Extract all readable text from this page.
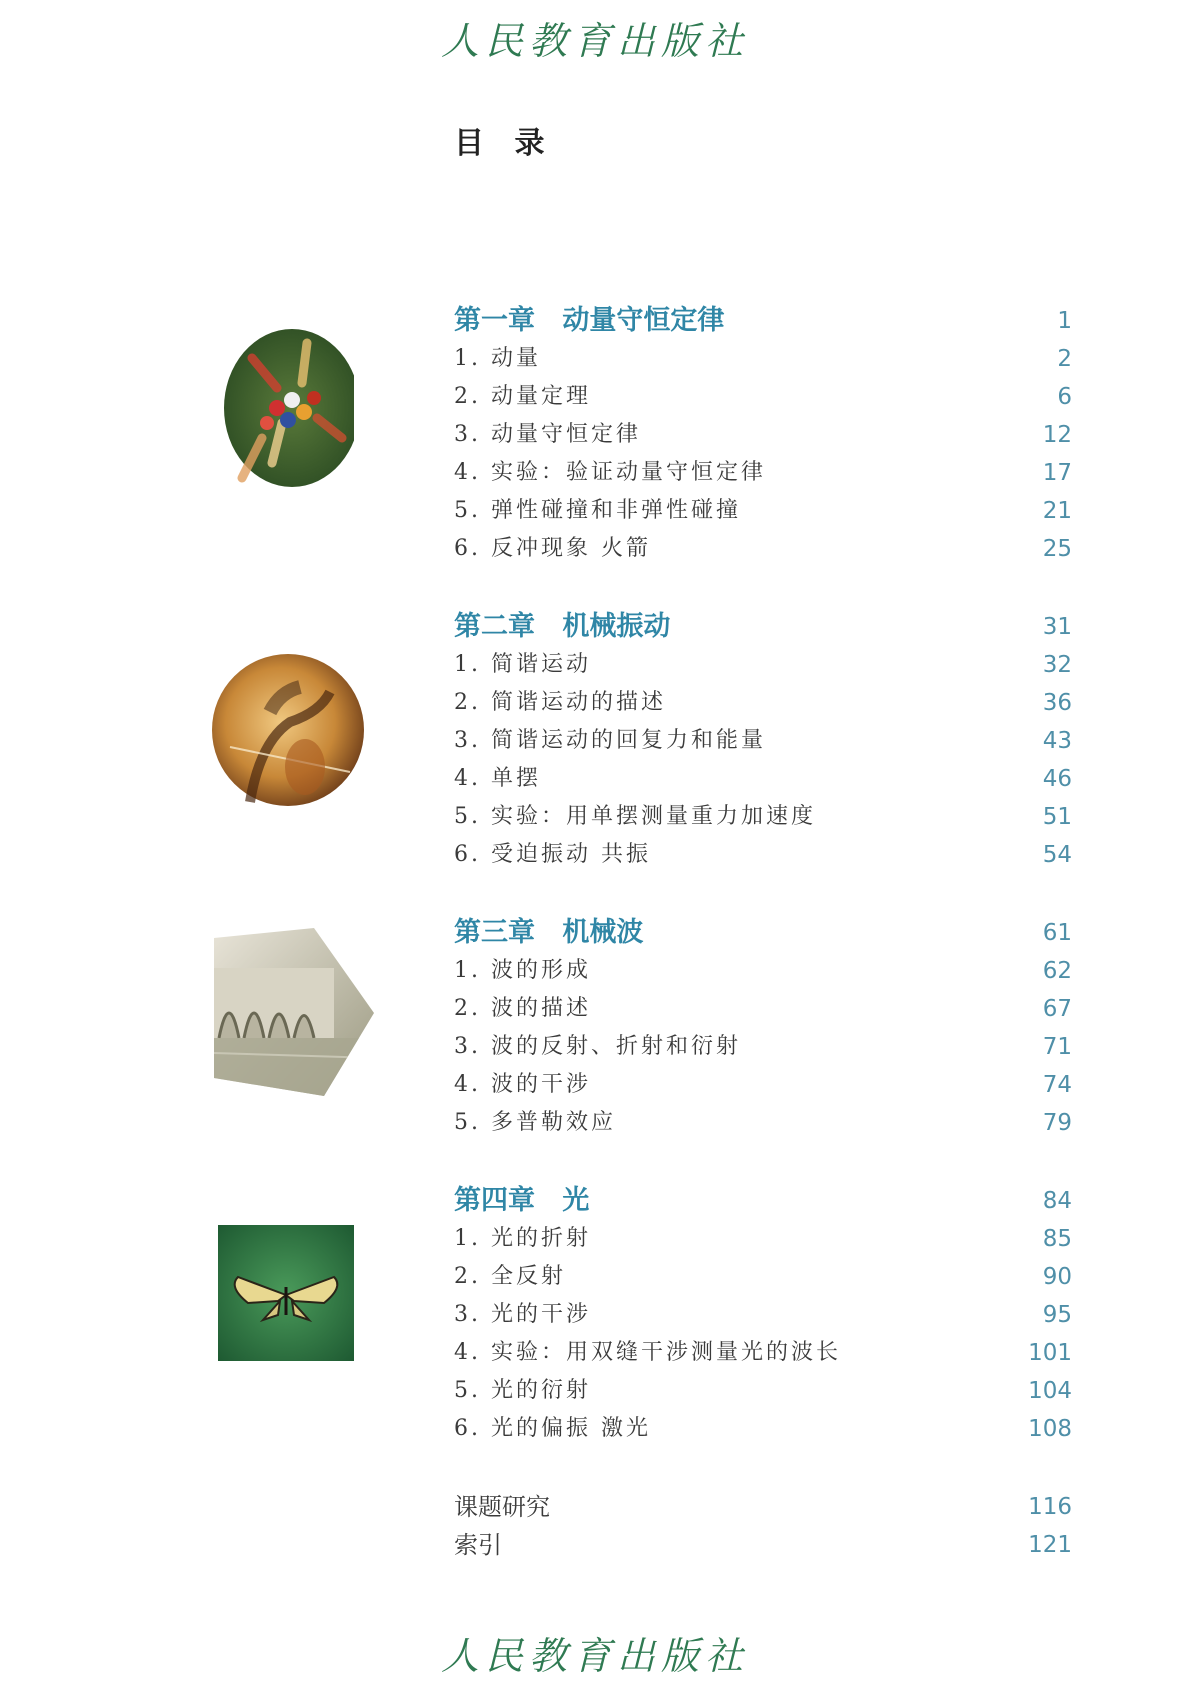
人民教育出版社
目 录
第一章 动量守恒定律	1
1. 动量	2
2. 动量定理	6
3. 动量守恒定律	12
4. 实验：验证动量守恒定律	17
5. 弹性碰撞和非弹性碰撞	21
6. 反冲现象 火箭	25
第二章 机械振动	31
1. 简谐运动	32
2. 简谐运动的描述	36
3. 简谐运动的回复力和能量	43
4. 单摆	46
5. 实验：用单摆测量重力加速度	51
6. 受迫振动 共振	54
第三章 机械波	61
1. 波的形成	62
2. 波的描述	67
3. 波的反射、折射和衍射	71
4. 波的干涉	74
5. 多普勒效应	79
第四章 光	84
1. 光的折射	85
2. 全反射	90
3. 光的干涉	95
4. 实验：用双缝干涉测量光的波长	101
5. 光的衍射	104
6. 光的偏振 激光	108
课题研究	116
索引	121
人民教育出版社
